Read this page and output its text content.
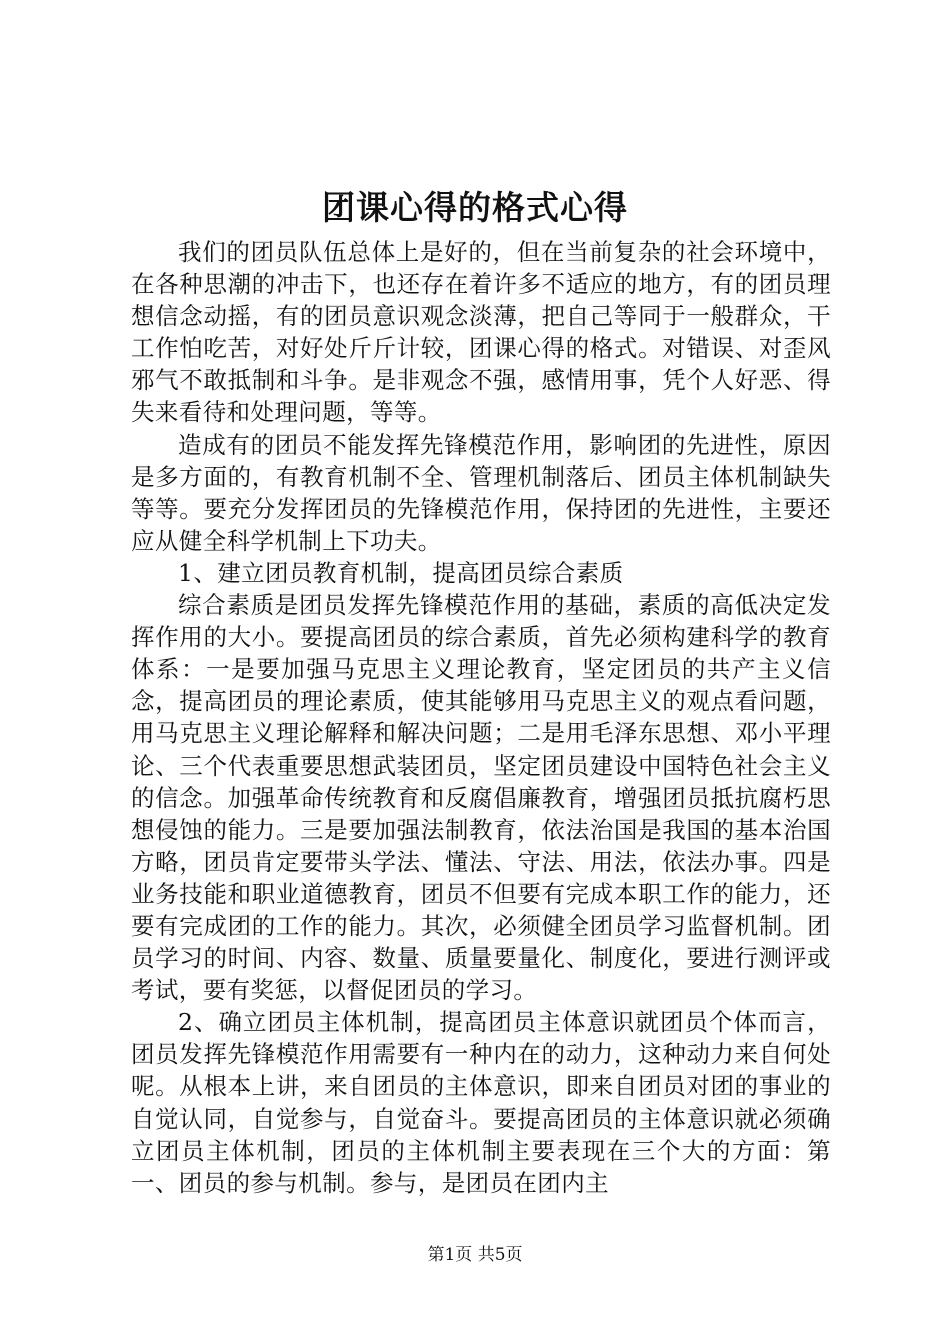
团课心得的格式心得

我们的团员队伍总体上是好的，但在当前复杂的社会环境中，在各种思潮的冲击下，也还存在着许多不适应的地方，有的团员理想信念动摇，有的团员意识观念淡薄，把自己等同于一般群众，干工作怕吃苦，对好处斤斤计较，团课心得的格式。对错误、对歪风邪气不敢抵制和斗争。是非观念不强，感情用事，凭个人好恶、得失来看待和处理问题，等等。

造成有的团员不能发挥先锋模范作用，影响团的先进性，原因是多方面的，有教育机制不全、管理机制落后、团员主体机制缺失等等。要充分发挥团员的先锋模范作用，保持团的先进性，主要还应从健全科学机制上下功夫。

1、建立团员教育机制，提高团员综合素质

综合素质是团员发挥先锋模范作用的基础，素质的高低决定发挥作用的大小。要提高团员的综合素质，首先必须构建科学的教育体系：一是要加强马克思主义理论教育，坚定团员的共产主义信念，提高团员的理论素质，使其能够用马克思主义的观点看问题，用马克思主义理论解释和解决问题；二是用毛泽东思想、邓小平理论、三个代表重要思想武装团员，坚定团员建设中国特色社会主义的信念。加强革命传统教育和反腐倡廉教育，增强团员抵抗腐朽思想侵蚀的能力。三是要加强法制教育，依法治国是我国的基本治国方略，团员肯定要带头学法、懂法、守法、用法，依法办事。四是业务技能和职业道德教育，团员不但要有完成本职工作的能力，还要有完成团的工作的能力。其次，必须健全团员学习监督机制。团员学习的时间、内容、数量、质量要量化、制度化，要进行测评或考试，要有奖惩，以督促团员的学习。

2、确立团员主体机制，提高团员主体意识就团员个体而言，团员发挥先锋模范作用需要有一种内在的动力，这种动力来自何处呢。从根本上讲，来自团员的主体意识，即来自团员对团的事业的自觉认同，自觉参与，自觉奋斗。要提高团员的主体意识就必须确立团员主体机制，团员的主体机制主要表现在三个大的方面：第一、团员的参与机制。参与，是团员在团内主

第1页 共5页
